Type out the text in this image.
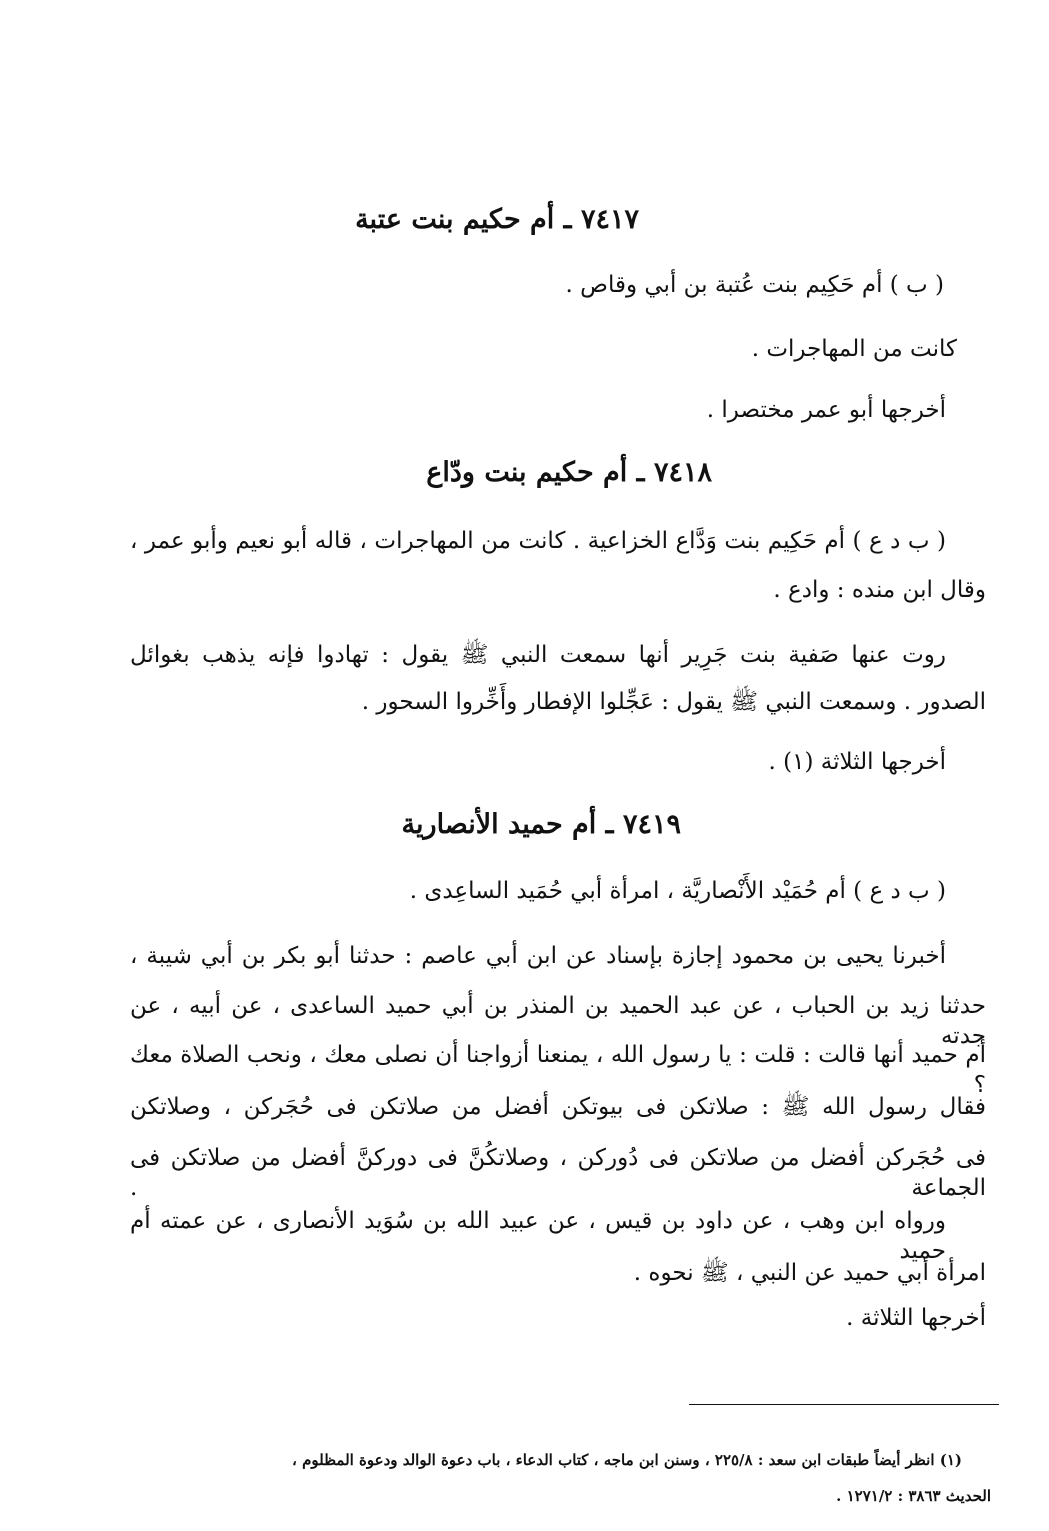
٧٤١٧ ـ أم حكيم بنت عتبة
( ب ) أم حَكِيم بنت عُتبة بن أبي وقاص .
كانت من المهاجرات .
أخرجها أبو عمر مختصرا .
٧٤١٨ ـ أم حكيم بنت ودّاع
( ب د ع ) أم حَكِيم بنت وَدَّاع الخزاعية . كانت من المهاجرات ، قاله أبو نعيم وأبو عمر ،
وقال ابن منده : وادع .
روت عنها صَفية بنت جَرِير أنها سمعت النبي ﷺ يقول : تهادوا فإنه يذهب بغوائل
الصدور . وسمعت النبي ﷺ يقول : عَجِّلوا الإفطار وأَخِّروا السحور .
أخرجها الثلاثة (١) .
٧٤١٩ ـ أم حميد الأنصارية
( ب د ع ) أم حُمَيْد الأَنْصاريَّة ، امرأة أبي حُمَيد الساعِدى .
أخبرنا يحيى بن محمود إجازة بإسناد عن ابن أبي عاصم : حدثنا أبو بكر بن أبي شيبة ،
حدثنا زيد بن الحباب ، عن عبد الحميد بن المنذر بن أبي حميد الساعدى ، عن أبيه ، عن جدته
أم حميد أنها قالت : قلت : يا رسول الله ، يمنعنا أزواجنا أن نصلى معك ، ونحب الصلاة معك ؟
فقال رسول الله ﷺ : صلاتكن فى بيوتكن أفضل من صلاتكن فى حُجَركن ، وصلاتكن
فى حُجَركن أفضل من صلاتكن فى دُوركن ، وصلاتكُنَّ فى دوركنَّ أفضل من صلاتكن فى الجماعة .
ورواه ابن وهب ، عن داود بن قيس ، عن عبيد الله بن سُوَيد الأنصارى ، عن عمته أم حميد
امرأة أبي حميد عن النبي ، ﷺ نحوه .
أخرجها الثلاثة .
(١) انظر أيضاً طبقات ابن سعد : ٢٢٥/٨ ، وسنن ابن ماجه ، كتاب الدعاء ، باب دعوة الوالد ودعوة المظلوم ،
الحديث ٣٨٦٣ : ١٢٧١/٢ .
